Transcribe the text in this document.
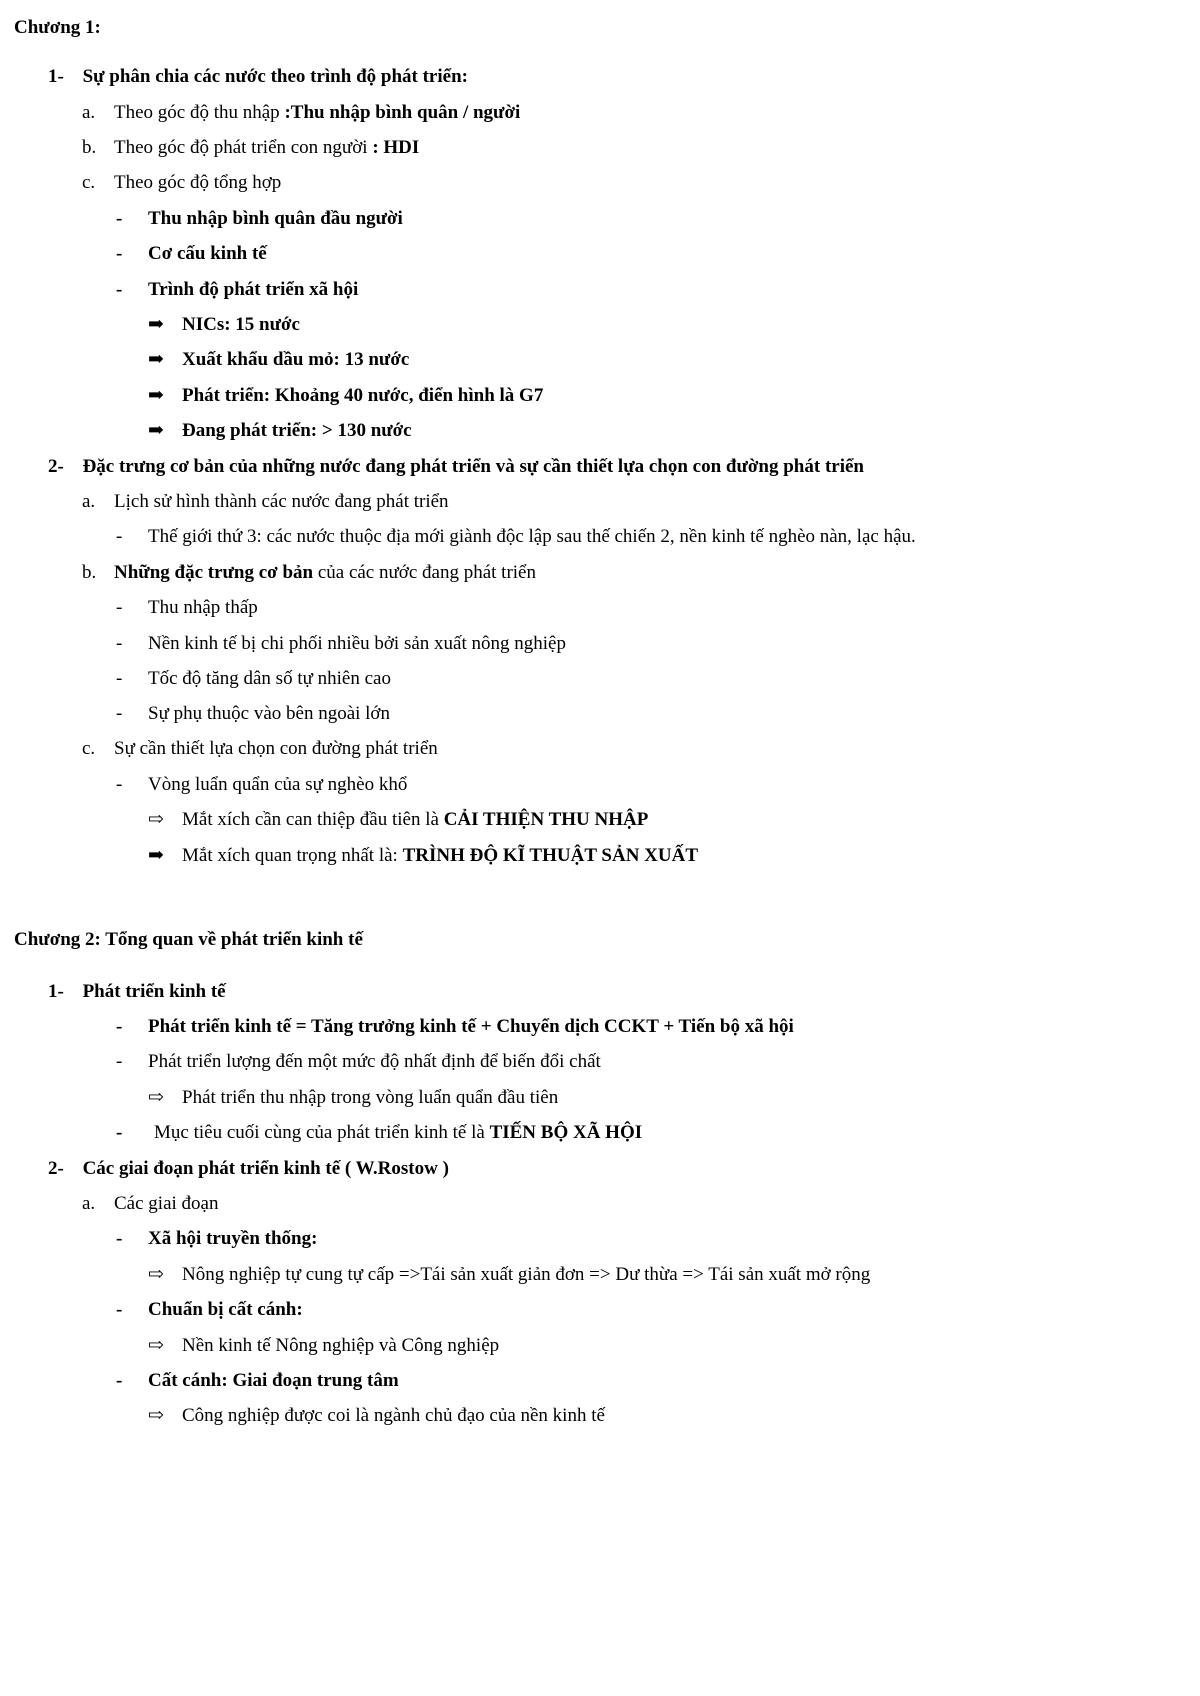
Chương 1:
1- Sự phân chia các nước theo trình độ phát triển:
a. Theo góc độ thu nhập :Thu nhập bình quân / người
b. Theo góc độ phát triển con người : HDI
c. Theo góc độ tổng hợp
- Thu nhập bình quân đầu người
- Cơ cấu kinh tế
- Trình độ phát triển xã hội
➡ NICs: 15 nước
➡ Xuất khẩu dầu mỏ: 13 nước
➡ Phát triển: Khoảng 40 nước, điển hình là G7
➡ Đang phát triển: > 130 nước
2- Đặc trưng cơ bản của những nước đang phát triển và sự cần thiết lựa chọn con đường phát triển
a. Lịch sử hình thành các nước đang phát triển
- Thế giới thứ 3: các nước thuộc địa mới giành độc lập sau thế chiến 2, nền kinh tế nghèo nàn, lạc hậu.
b. Những đặc trưng cơ bản của các nước đang phát triển
- Thu nhập thấp
- Nền kinh tế bị chi phối nhiều bởi sản xuất nông nghiệp
- Tốc độ tăng dân số tự nhiên cao
- Sự phụ thuộc vào bên ngoài lớn
c. Sự cần thiết lựa chọn con đường phát triển
- Vòng luẩn quẩn của sự nghèo khổ
⇨ Mắt xích cần can thiệp đầu tiên là CẢI THIỆN THU NHẬP
➡ Mắt xích quan trọng nhất là: TRÌNH ĐỘ KĨ THUẬT SẢN XUẤT
Chương 2: Tổng quan về phát triển kinh tế
1- Phát triển kinh tế
- Phát triển kinh tế = Tăng trưởng kinh tế + Chuyển dịch CCKT + Tiến bộ xã hội
- Phát triển lượng đến một mức độ nhất định để biến đổi chất
⇨ Phát triển thu nhập trong vòng luẩn quẩn đầu tiên
- Mục tiêu cuối cùng của phát triển kinh tế là TIẾN BỘ XÃ HỘI
2- Các giai đoạn phát triển kinh tế ( W.Rostow )
a. Các giai đoạn
- Xã hội truyền thống:
⇨ Nông nghiệp tự cung tự cấp =>Tái sản xuất giản đơn => Dư thừa => Tái sản xuất mở rộng
- Chuẩn bị cất cánh:
⇨ Nền kinh tế Nông nghiệp và Công nghiệp
- Cất cánh: Giai đoạn trung tâm
⇨ Công nghiệp được coi là ngành chủ đạo của nền kinh tế
